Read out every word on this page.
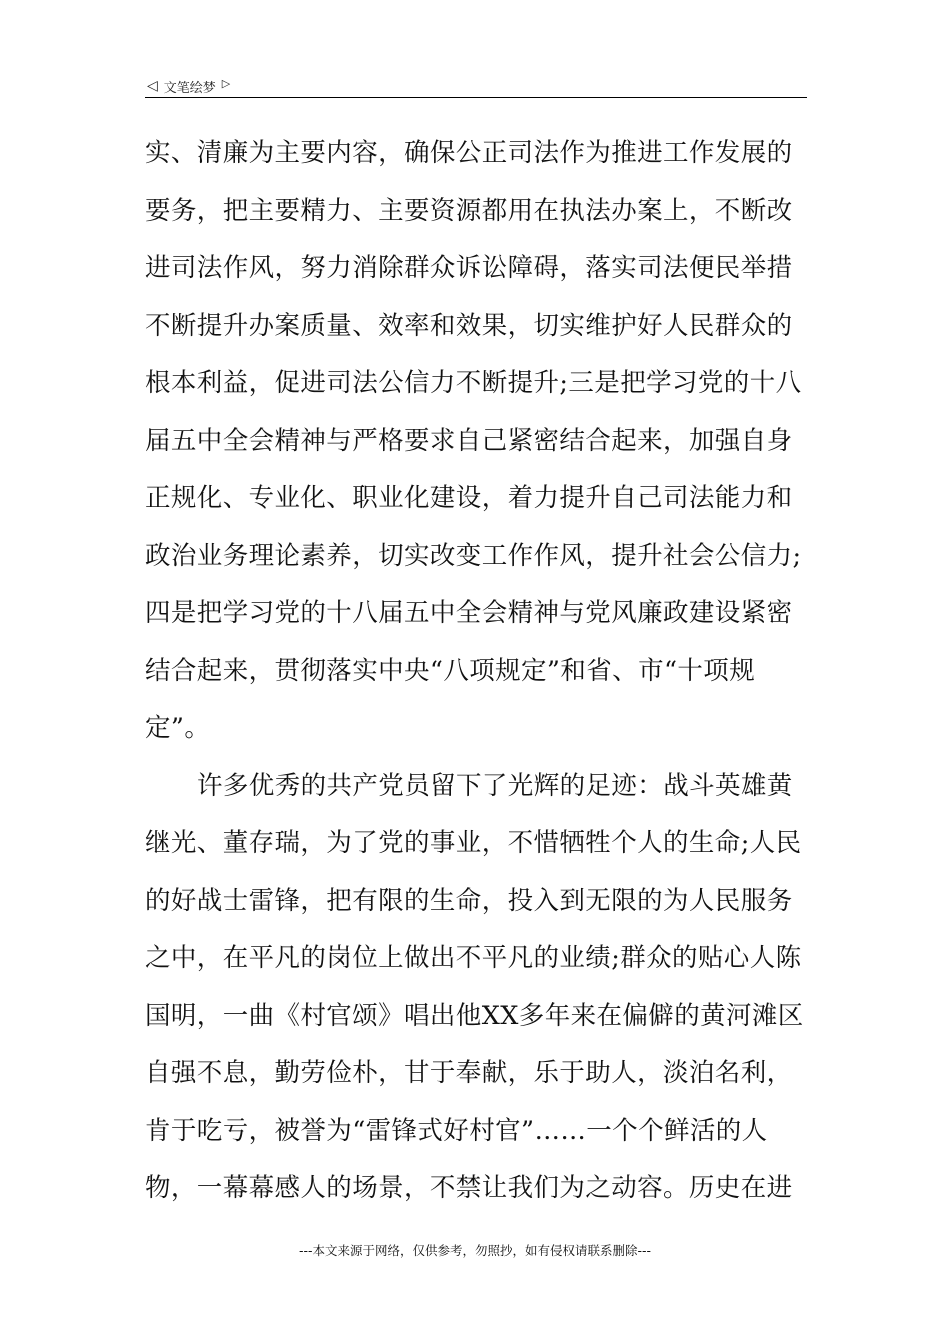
◁ 文笔绘梦 ▷
实、清廉为主要内容，确保公正司法作为推进工作发展的
要务，把主要精力、主要资源都用在执法办案上，不断改
进司法作风，努力消除群众诉讼障碍，落实司法便民举措
不断提升办案质量、效率和效果，切实维护好人民群众的
根本利益，促进司法公信力不断提升;三是把学习党的十八
届五中全会精神与严格要求自己紧密结合起来，加强自身
正规化、专业化、职业化建设，着力提升自己司法能力和
政治业务理论素养，切实改变工作作风，提升社会公信力;
四是把学习党的十八届五中全会精神与党风廉政建设紧密
结合起来，贯彻落实中央“八项规定”和省、市“十项规
定”。
许多优秀的共产党员留下了光辉的足迹：战斗英雄黄
继光、董存瑞，为了党的事业，不惜牺牲个人的生命;人民
的好战士雷锋，把有限的生命，投入到无限的为人民服务
之中，在平凡的岗位上做出不平凡的业绩;群众的贴心人陈
国明，一曲《村官颂》唱出他XX多年来在偏僻的黄河滩区
自强不息，勤劳俭朴，甘于奉献，乐于助人，淡泊名利，
肯于吃亏，被誉为“雷锋式好村官”……一个个鲜活的人
物，一幕幕感人的场景，不禁让我们为之动容。历史在进
---本文来源于网络，仅供参考，勿照抄，如有侵权请联系删除---
